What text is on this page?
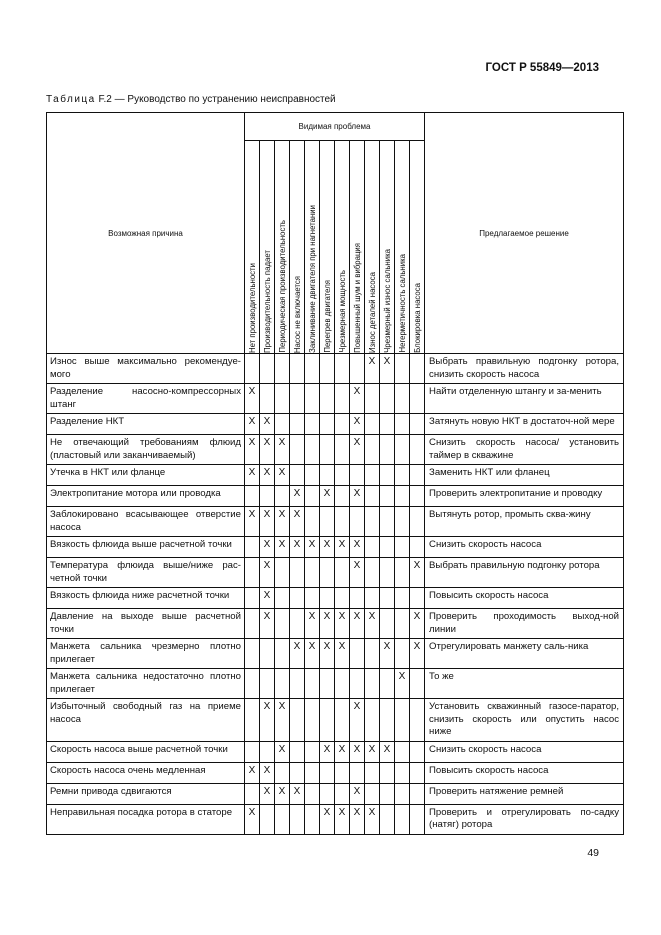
ГОСТ Р 55849—2013
Таблица F.2 — Руководство по устранению неисправностей
Возможная причина	Видимая проблема												Предлагаемое решение

	Нет производительности	Производительность падает	Периодическая производительность	Насос не включается	Заклинивание двигателя при нагнетании	Перегрев двигателя	Чрезмерная мощность	Повышенный шум и вибрация	Износ деталей насоса	Чрезмерный износ сальника	Негерметичность сальника	Блокировка насоса	

Износ выше максимально рекомендуе-мого									X	X			Выбрать правильную подгонку ротора, снизить скорость насоса
Разделение насосно-компрессорных штанг	X							X					Найти отделенную штангу и за-менить
Разделение НКТ	X	X						X					Затянуть новую НКТ в достаточ-ной мере
Не отвечающий требованиям флюид (пластовый или заканчиваемый)	X	X	X					X					Снизить скорость насоса/ установить таймер в скважине
Утечка в НКТ или фланце	X	X	X										Заменить НКТ или фланец
Электропитание мотора или проводка				X		X		X					Проверить электропитание и проводку
Заблокировано всасывающее отверстие насоса	X	X	X	X									Вытянуть ротор, промыть сква-жину
Вязкость флюида выше расчетной точки		X	X	X	X	X	X	X					Снизить скорость насоса
Температура флюида выше/ниже рас-четной точки		X						X				X	Выбрать правильную подгонку ротора
Вязкость флюида ниже расчетной точки		X											Повысить скорость насоса
Давление на выходе выше расчетной точки		X			X	X	X	X	X			X	Проверить проходимость выход-ной линии
Манжета сальника чрезмерно плотно прилегает				X	X	X	X			X		X	Отрегулировать манжету саль-ника
Манжета сальника недостаточно плотно прилегает											X		То же
Избыточный свободный газ на приеме насоса		X	X					X					Установить скважинный газосе-паратор, снизить скорость или опустить насос ниже
Скорость насоса выше расчетной точки			X			X	X	X	X	X			Снизить скорость насоса
Скорость насоса очень медленная	X	X											Повысить скорость насоса
Ремни привода сдвигаются		X	X	X				X					Проверить натяжение ремней
Неправильная посадка ротора в статоре	X					X	X	X	X				Проверить и отрегулировать по-садку (натяг) ротора
49
